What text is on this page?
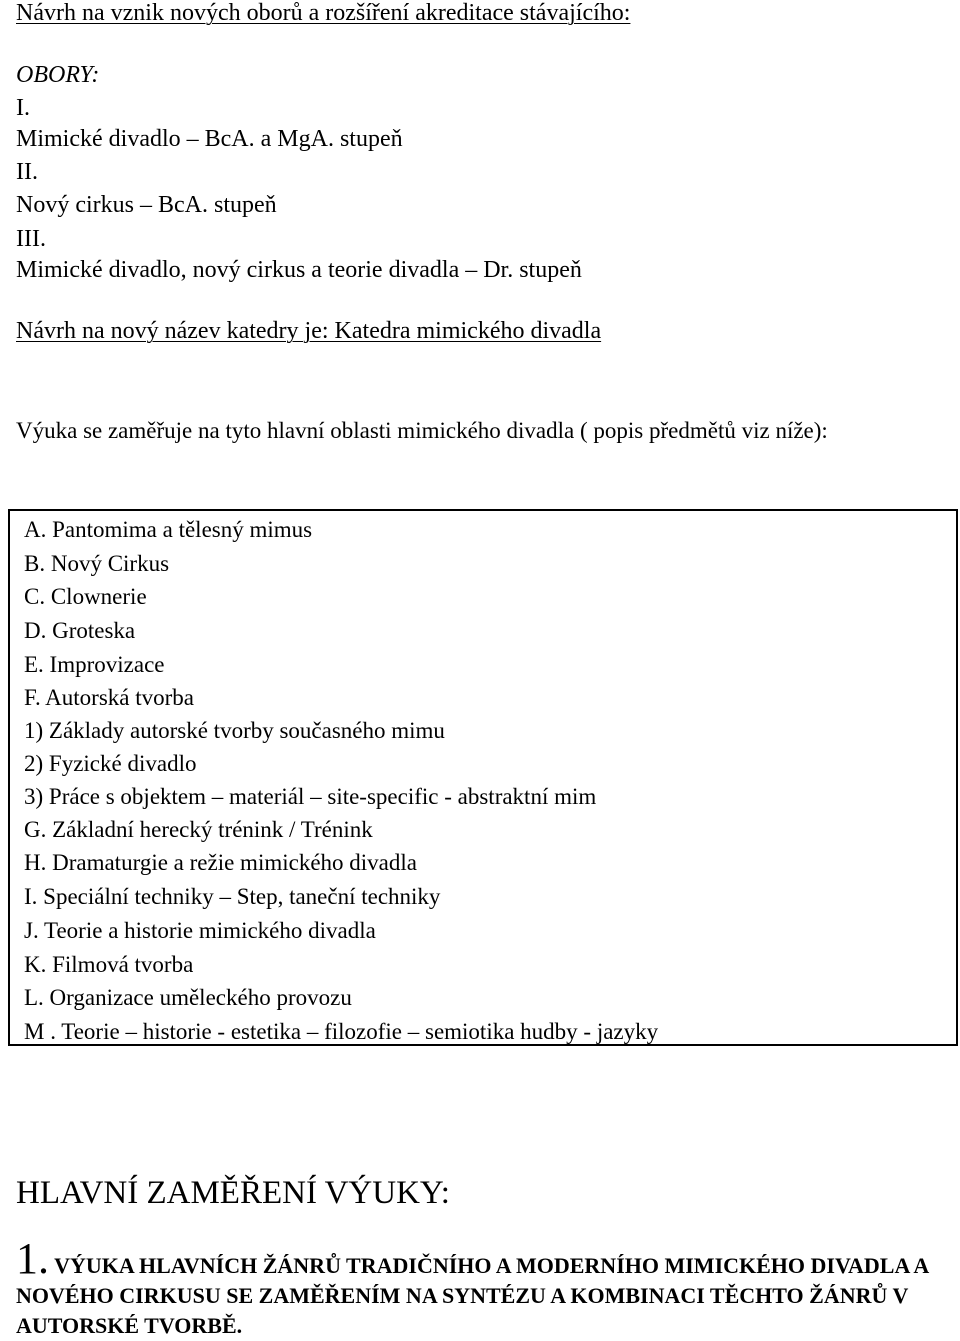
Návrh na vznik nových oborů a rozšíření akreditace stávajícího:
OBORY:
I.
Mimické divadlo – BcA. a MgA. stupeň
II.
Nový cirkus – BcA. stupeň
III.
Mimické divadlo, nový cirkus a teorie divadla – Dr. stupeň
Návrh na nový název katedry je: Katedra mimického divadla
Výuka se zaměřuje na tyto hlavní oblasti mimického divadla ( popis předmětů viz níže):
A. Pantomima a tělesný mimus
B. Nový Cirkus
C. Clownerie
D. Groteska
E. Improvizace
F. Autorská tvorba
1) Základy autorské tvorby současného mimu
2) Fyzické divadlo
3) Práce s objektem – materiál – site-specific - abstraktní mim
G. Základní herecký trénink / Trénink
H. Dramaturgie a režie mimického divadla
I. Speciální techniky – Step, taneční techniky
J. Teorie a historie mimického divadla
K. Filmová tvorba
L. Organizace uměleckého provozu
M . Teorie – historie - estetika – filozofie – semiotika hudby - jazyky
HLAVNÍ ZAMĚŘENÍ VÝUKY:
1. VÝUKA HLAVNÍCH ŽÁNRŮ TRADIČNÍHO A MODERNÍHO MIMICKÉHO DIVADLA A NOVÉHO CIRKUSU SE ZAMĚŘENÍM NA SYNTÉZU A KOMBINACI TĚCHTO ŽÁNRŮ V AUTORSKÉ TVORBĚ.
